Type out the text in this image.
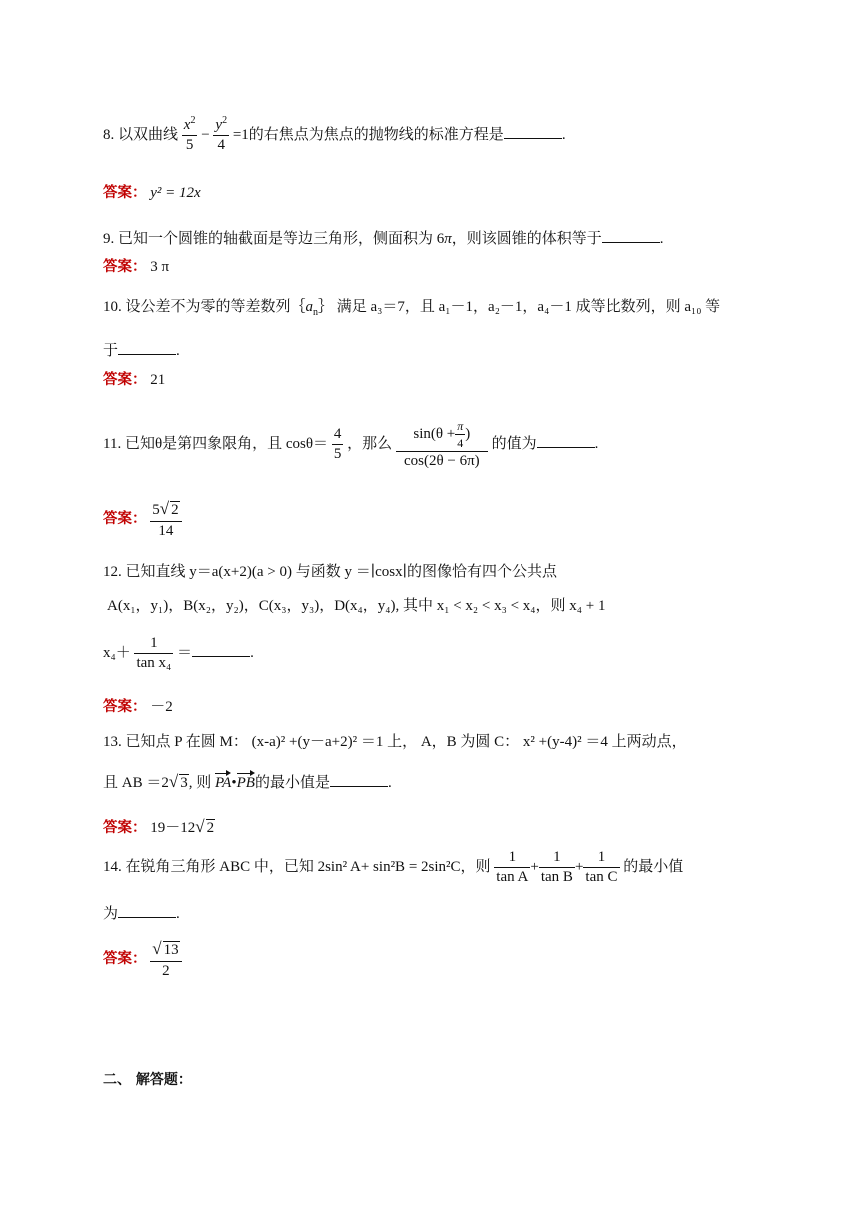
8. 以双曲线 $\frac{x^2}{5} - \frac{y^2}{4} =1$的右焦点为焦点的抛物线的标准方程是	.
答案： y² = 12x
9. 已知一个圆锥的轴截面是等边三角形，侧面积为 6π，则该圆锥的体积等于	.
答案： 3 π
10. 设公差不为零的等差数列$\{a_n\}$ 满足 a₃＝7，且 a₁－1，a₂－1，a₄－1 成等比数列，则 a₁₀ 等
于	.
答案： 21
11. 已知θ是第四象限角，且 $\cos\theta= \frac{4}{5}$ ，那么 $\frac{\sin(\theta + \frac{\pi}{4} )}{\cos(2\theta - 6\pi)}$ 的值为	.
答案： $\frac{5√ 2}{14}$
12. 已知直线 y＝a(x+2)(a > 0) 与函数 y ＝∣cosx∣的图像恰有四个公共点
A(x₁，y₁)，B(x₂，y₂)，C(x₃，y₃)，D(x₄，y₄), 其中 x₁ < x₂ < x₃ < x₄，则 x₄ + 1
$x_4+ \frac{1}{\text{tan x₄}}$ ＝	.
答案： －2
13. 已知点 P 在圆 M： (x-a)² +(y－a+2)² ＝1 上， A，B 为圆 C： x² +(y-4)² ＝4 上两动点，
且 AB ＝2√ 3, 则 PA•PB的最小值是	.
答案： 19－12√ 2
14. 在锐角三角形 ABC 中，已知 2sin² A+ sin²B = 2sin²C，则 $\frac{1}{\text{tan A}} + \frac{1}{\text{tan B}} + \frac{1}{\text{tan C}}$ 的最小值
为	.
答案： $\frac{√ 13}{2}$
二、 解答题：
